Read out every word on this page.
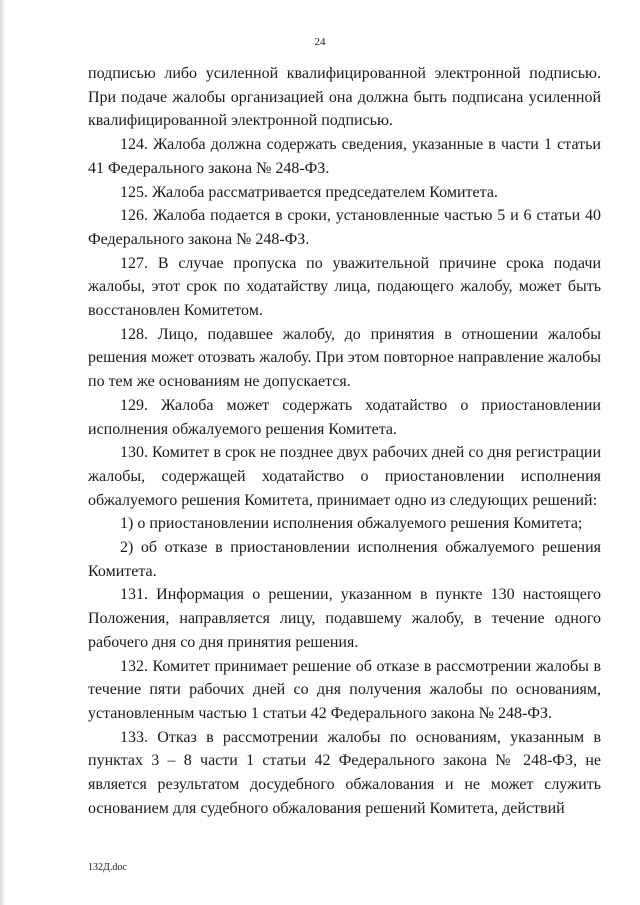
24

подписью либо усиленной квалифицированной электронной подписью. При подаче жалобы организацией она должна быть подписана усиленной квалифицированной электронной подписью.

124. Жалоба должна содержать сведения, указанные в части 1 статьи 41 Федерального закона № 248-ФЗ.

125. Жалоба рассматривается председателем Комитета.

126. Жалоба подается в сроки, установленные частью 5 и 6 статьи 40 Федерального закона № 248-ФЗ.

127. В случае пропуска по уважительной причине срока подачи жалобы, этот срок по ходатайству лица, подающего жалобу, может быть восстановлен Комитетом.

128. Лицо, подавшее жалобу, до принятия в отношении жалобы решения может отозвать жалобу. При этом повторное направление жалобы по тем же основаниям не допускается.

129. Жалоба может содержать ходатайство о приостановлении исполнения обжалуемого решения Комитета.

130. Комитет в срок не позднее двух рабочих дней со дня регистрации жалобы, содержащей ходатайство о приостановлении исполнения обжалуемого решения Комитета, принимает одно из следующих решений:

1) о приостановлении исполнения обжалуемого решения Комитета;

2) об отказе в приостановлении исполнения обжалуемого решения Комитета.

131. Информация о решении, указанном в пункте 130 настоящего Положения, направляется лицу, подавшему жалобу, в течение одного рабочего дня со дня принятия решения.

132. Комитет принимает решение об отказе в рассмотрении жалобы в течение пяти рабочих дней со дня получения жалобы по основаниям, установленным частью 1 статьи 42 Федерального закона № 248-ФЗ.

133. Отказ в рассмотрении жалобы по основаниям, указанным в пунктах 3 – 8 части 1 статьи 42 Федерального закона № 248-ФЗ, не является результатом досудебного обжалования и не может служить основанием для судебного обжалования решений Комитета, действий

132Д.doc
